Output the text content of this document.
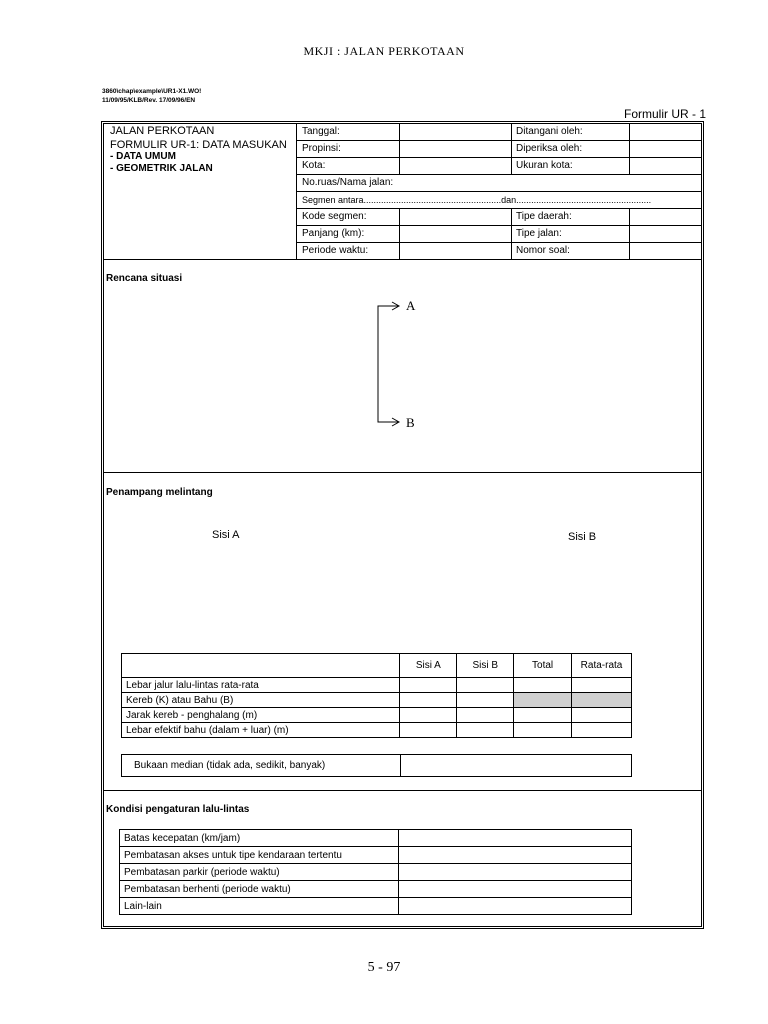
MKJI : JALAN PERKOTAAN
3860\chap\example\UR1-X1.WO!
11/09/95/KLB/Rev. 17/09/96/EN
Formulir UR - 1
JALAN PERKOTAAN
FORMULIR UR-1: DATA MASUKAN
- DATA UMUM
- GEOMETRIK JALAN
Tanggal:	Ditangani oleh:
Propinsi:	Diperiksa oleh:
Kota:	Ukuran kota:
No.ruas/Nama jalan:
Segmen antara.......................................................dan......................................................
Kode segmen:	Tipe daerah:
Panjang (km):	Tipe jalan:
Periode waktu:	Nomor soal:
Rencana situasi
A
B
Penampang melintang
Sisi A	Sisi B
	Sisi A	Sisi B	Total	Rata-rata
Lebar jalur lalu-lintas rata-rata				
Kereb (K) atau Bahu (B)				
Jarak kereb - penghalang (m)				
Lebar efektif bahu (dalam + luar) (m)				
Bukaan median (tidak ada, sedikit, banyak)	
Kondisi pengaturan lalu-lintas
Batas kecepatan (km/jam)	
Pembatasan akses untuk tipe kendaraan tertentu	
Pembatasan parkir (periode waktu)	
Pembatasan berhenti (periode waktu)	
Lain-lain	
5 - 97
